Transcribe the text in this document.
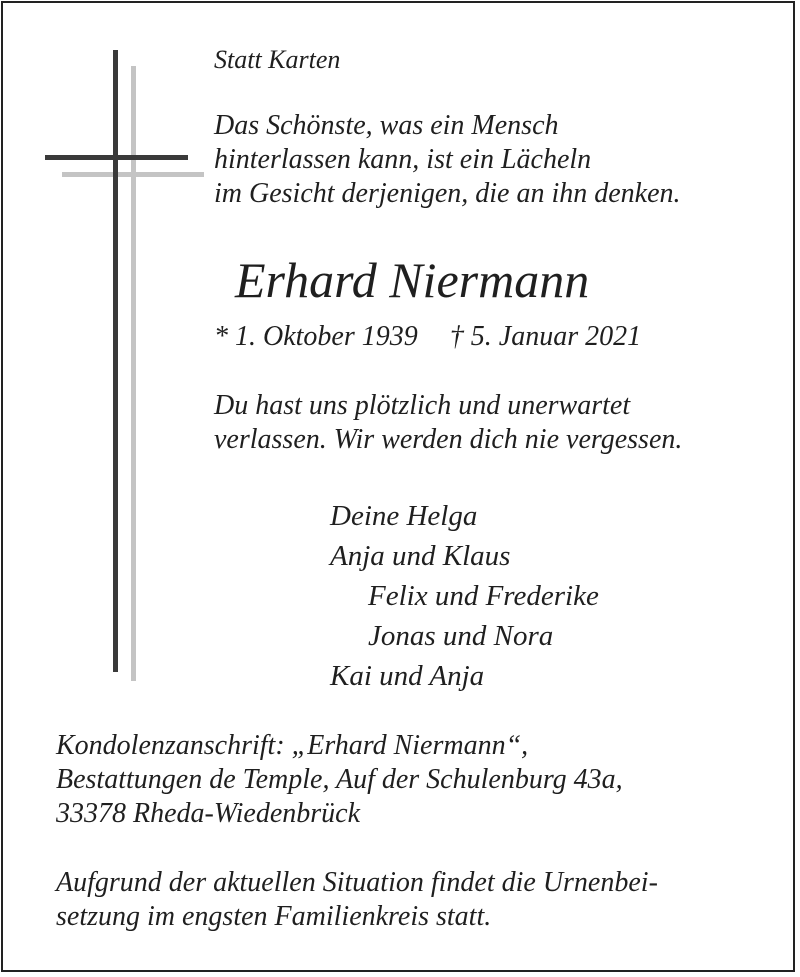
Statt Karten

Das Schönste, was ein Mensch
hinterlassen kann, ist ein Lächeln
im Gesicht derjenigen, die an ihn denken.
Erhard Niermann
* 1. Oktober 1939 † 5. Januar 2021
Du hast uns plötzlich und unerwartet
verlassen. Wir werden dich nie vergessen.
Deine Helga
Anja und Klaus
Felix und Frederike
Jonas und Nora
Kai und Anja
Kondolenzanschrift: „Erhard Niermann“,
Bestattungen de Temple, Auf der Schulenburg 43a,
33378 Rheda-Wiedenbrück
Aufgrund der aktuellen Situation findet die Urnenbei-
setzung im engsten Familienkreis statt.
